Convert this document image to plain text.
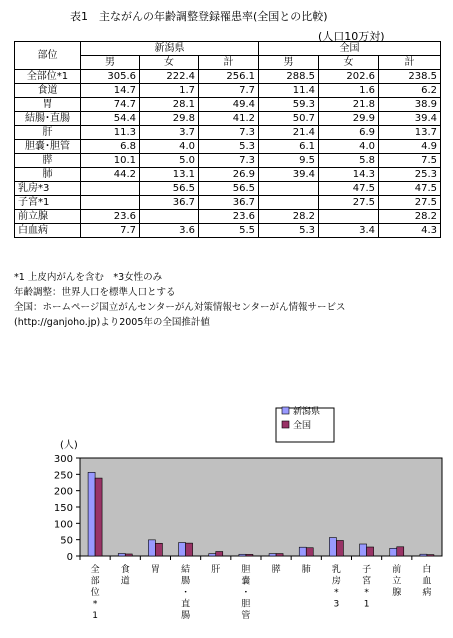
表1　主ながんの年齢調整登録罹患率(全国との比較)
(人口10万対)
部位	新潟県			全国		
	男	女	計	男	女	計
全部位*1	305.6	222.4	256.1	288.5	202.6	238.5
食道	14.7	1.7	7.7	11.4	1.6	6.2
胃	74.7	28.1	49.4	59.3	21.8	38.9
結腸･直腸	54.4	29.8	41.2	50.7	29.9	39.4
肝	11.3	3.7	7.3	21.4	6.9	13.7
胆嚢･胆管	6.8	4.0	5.3	6.1	4.0	4.9
膵	10.1	5.0	7.3	9.5	5.8	7.5
肺	44.2	13.1	26.9	39.4	14.3	25.3
乳房*3		56.5	56.5		47.5	47.5
子宮*1		36.7	36.7		27.5	27.5
前立腺	23.6		23.6	28.2		28.2
白血病	7.7	3.6	5.5	5.3	3.4	4.3
*1 上皮内がんを含む　*3女性のみ
年齢調整：世界人口を標準人口とする
全国：ホームページ国立がんセンターがん対策情報センターがん情報サービス
(http://ganjoho.jp)より2005年の全国推計値
0
50
100
150
200
250
300
(人)
全部位* 1
食道
胃 結腸・直腸
肝 胆嚢・胆管
膵 肺 乳房* 3
子宮* 1
前立腺
白血病
新潟県
全国
